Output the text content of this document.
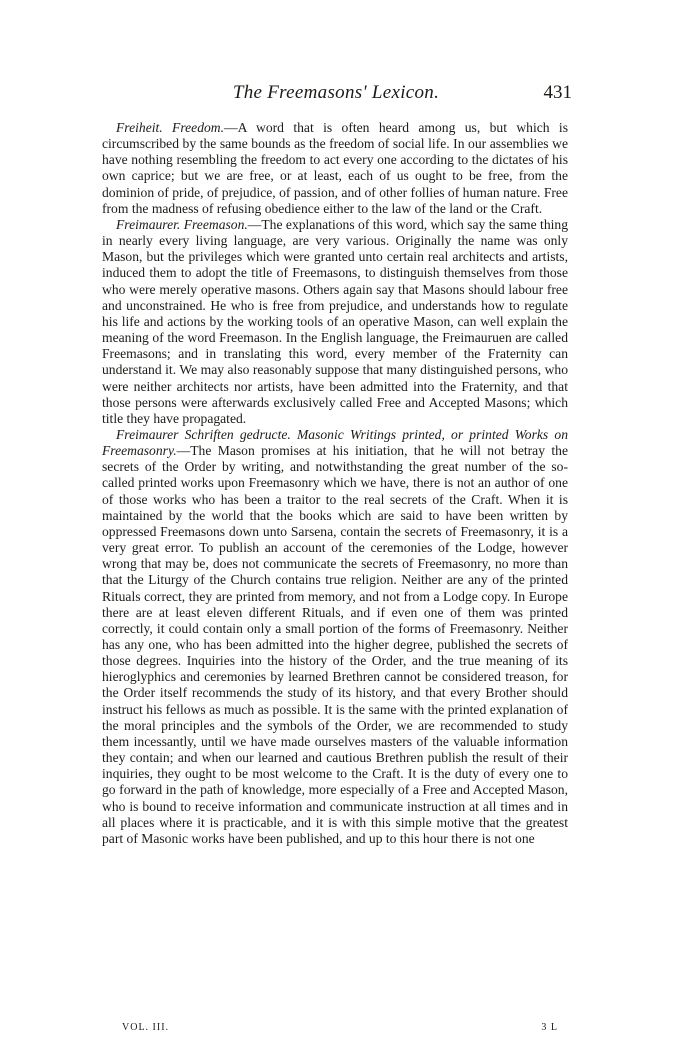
The Freemasons' Lexicon.	431

Freiheit. Freedom.—A word that is often heard among us, but which is circumscribed by the same bounds as the freedom of social life. In our assemblies we have nothing resembling the freedom to act every one according to the dictates of his own caprice; but we are free, or at least, each of us ought to be free, from the dominion of pride, of prejudice, of passion, and of other follies of human nature. Free from the madness of refusing obedience either to the law of the land or the Craft.

Freimaurer. Freemason.—The explanations of this word, which say the same thing in nearly every living language, are very various. Originally the name was only Mason, but the privileges which were granted unto certain real architects and artists, induced them to adopt the title of Freemasons, to distinguish themselves from those who were merely operative masons. Others again say that Masons should labour free and unconstrained. He who is free from prejudice, and understands how to regulate his life and actions by the working tools of an operative Mason, can well explain the meaning of the word Freemason. In the English language, the Freimauruen are called Freemasons; and in translating this word, every member of the Fraternity can understand it. We may also reasonably suppose that many distinguished persons, who were neither architects nor artists, have been admitted into the Fraternity, and that those persons were afterwards exclusively called Free and Accepted Masons; which title they have propagated.

Freimaurer Schriften gedructe. Masonic Writings printed, or printed Works on Freemasonry.—The Mason promises at his initiation, that he will not betray the secrets of the Order by writing, and notwithstanding the great number of the so-called printed works upon Freemasonry which we have, there is not an author of one of those works who has been a traitor to the real secrets of the Craft. When it is maintained by the world that the books which are said to have been written by oppressed Freemasons down unto Sarsena, contain the secrets of Freemasonry, it is a very great error. To publish an account of the ceremonies of the Lodge, however wrong that may be, does not communicate the secrets of Freemasonry, no more than that the Liturgy of the Church contains true religion. Neither are any of the printed Rituals correct, they are printed from memory, and not from a Lodge copy. In Europe there are at least eleven different Rituals, and if even one of them was printed correctly, it could contain only a small portion of the forms of Freemasonry. Neither has any one, who has been admitted into the higher degree, published the secrets of those degrees. Inquiries into the history of the Order, and the true meaning of its hieroglyphics and ceremonies by learned Brethren cannot be considered treason, for the Order itself recommends the study of its history, and that every Brother should instruct his fellows as much as possible. It is the same with the printed explanation of the moral principles and the symbols of the Order, we are recommended to study them incessantly, until we have made ourselves masters of the valuable information they contain; and when our learned and cautious Brethren publish the result of their inquiries, they ought to be most welcome to the Craft. It is the duty of every one to go forward in the path of knowledge, more especially of a Free and Accepted Mason, who is bound to receive information and communicate instruction at all times and in all places where it is practicable, and it is with this simple motive that the greatest part of Masonic works have been published, and up to this hour there is not one

VOL. III.	3 L
